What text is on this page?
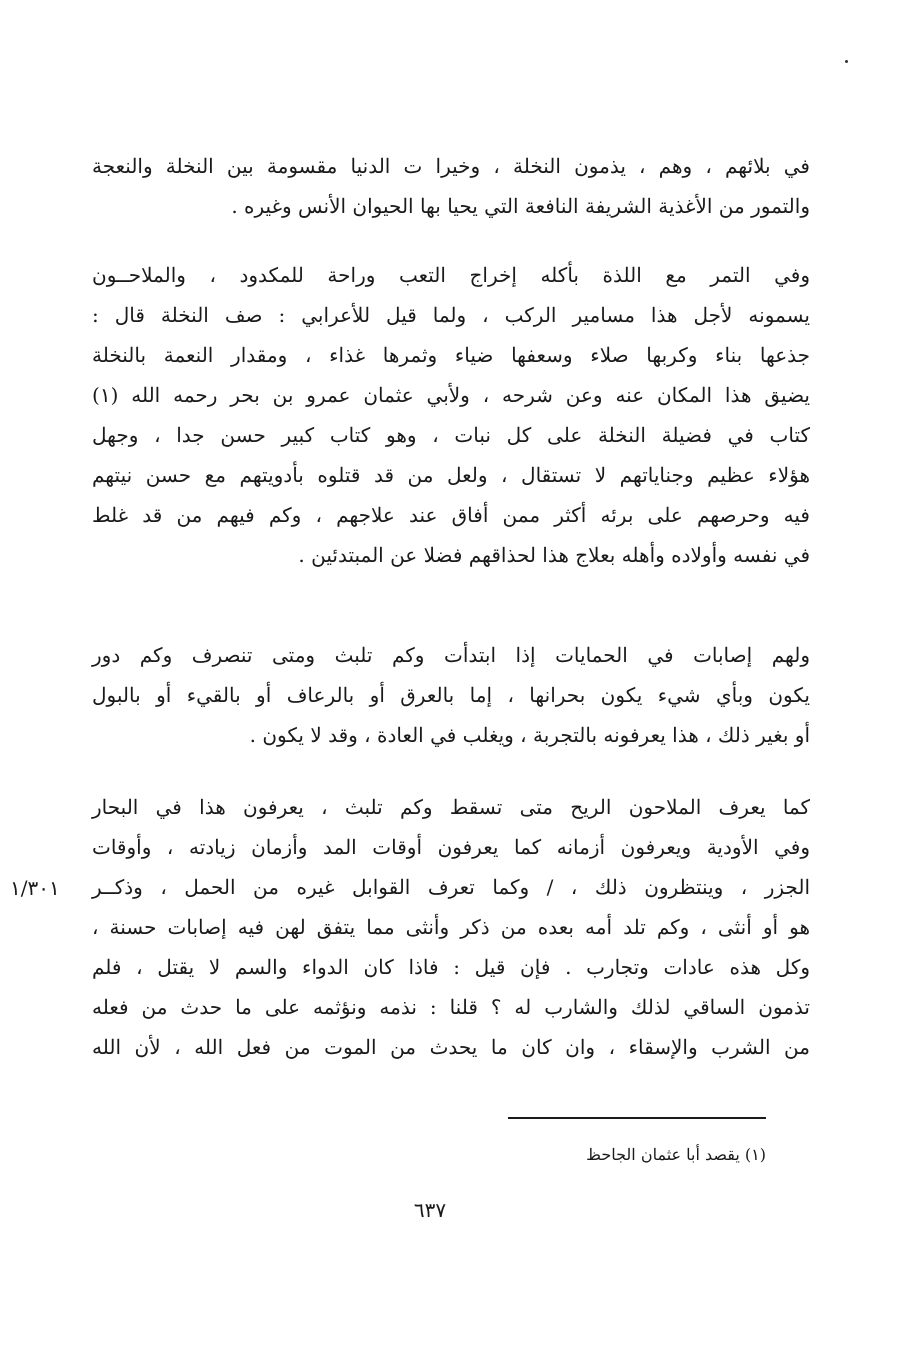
في بلائهم ، وهم ، يذمون النخلة ، وخيرا ت الدنيا مقسومة بين النخلة والنعجة
والتمور من الأغذية الشريفة النافعة التي يحيا بها الحيوان الأنس وغيره .
وفي التمر مع اللذة بأكله إخراج التعب وراحة للمكدود ، والملاحــون
يسمونه لأجل هذا مسامير الركب ، ولما قيل للأعرابي : صف النخلة قال :
جذعها بناء وكربها صلاء وسعفها ضياء وثمرها غذاء ، ومقدار النعمة بالنخلة
يضيق هذا المكان عنه وعن شرحه ، ولأبي عثمان عمرو بن بحر رحمه الله (١)
كتاب في فضيلة النخلة على كل نبات ، وهو كتاب كبير حسن جدا ، وجهل
هؤلاء عظيم وجناياتهم لا تستقال ، ولعل من قد قتلوه بأدويتهم مع حسن نيتهم
فيه وحرصهم على برئه أكثر ممن أفاق عند علاجهم ، وكم فيهم من قد غلط
في نفسه وأولاده وأهله بعلاج هذا لحذاقهم فضلا عن المبتدئين .
ولهم إصابات في الحمايات إذا ابتدأت وكم تلبث ومتى تنصرف وكم دور
يكون وبأي شيء يكون بحرانها ، إما بالعرق أو بالرعاف أو بالقيء أو بالبول
أو بغير ذلك ، هذا يعرفونه بالتجربة ، ويغلب في العادة ، وقد لا يكون .
كما يعرف الملاحون الريح متى تسقط وكم تلبث ، يعرفون هذا في البحار
وفي الأودية ويعرفون أزمانه كما يعرفون أوقات المد وأزمان زيادته ، وأوقات
الجزر ، وينتظرون ذلك ، / وكما تعرف القوابل غيره من الحمل ، وذكــر
هو أو أنثى ، وكم تلد أمه بعده من ذكر وأنثى مما يتفق لهن فيه إصابات حسنة ،
وكل هذه عادات وتجارب . فإن قيل : فاذا كان الدواء والسم لا يقتل ، فلم
تذمون الساقي لذلك والشارب له ؟ قلنا : نذمه ونؤثمه على ما حدث من فعله
من الشرب والإسقاء ، وان كان ما يحدث من الموت من فعل الله ، لأن الله
١/٣٠١
(١) يقصد أبا عثمان الجاحظ
٦٣٧
